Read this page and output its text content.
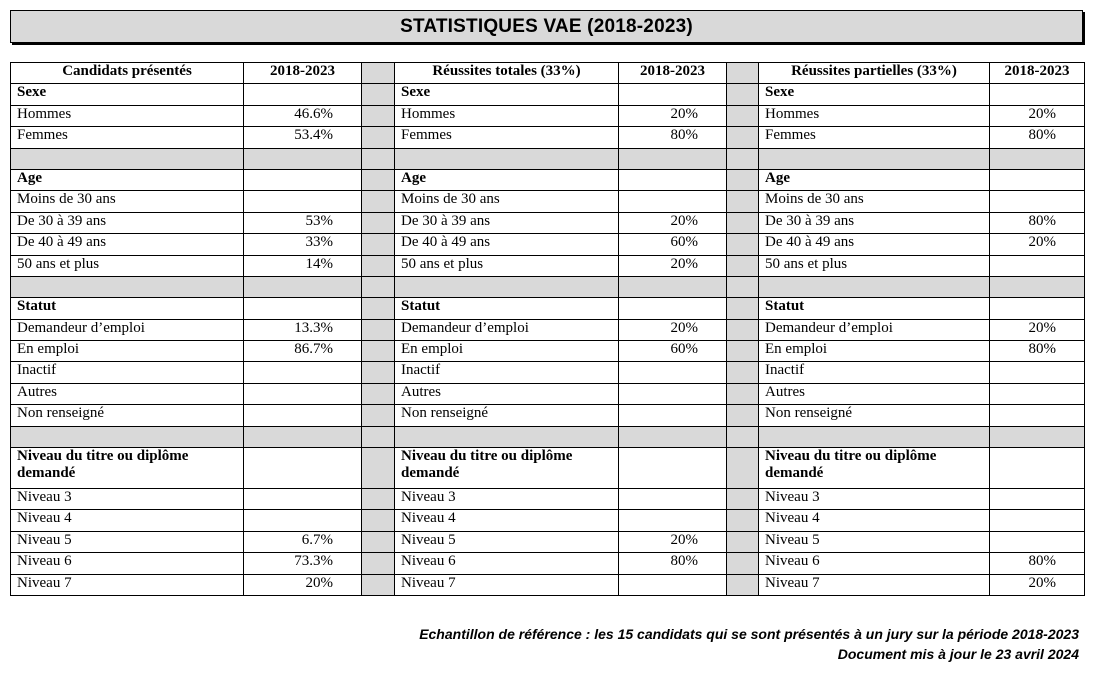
STATISTIQUES VAE (2018-2023)
Candidats présentés	2018-2023		Réussites totales (33%)	2018-2023		Réussites partielles (33%)	2018-2023
Sexe			Sexe			Sexe	
Hommes	46.6%		Hommes	20%		Hommes	20%
Femmes	53.4%		Femmes	80%		Femmes	80%

Age			Age			Age	
Moins de 30 ans			Moins de 30 ans			Moins de 30 ans	
De 30 à 39 ans	53%		De 30 à 39 ans	20%		De 30 à 39 ans	80%
De 40 à 49 ans	33%		De 40 à 49 ans	60%		De 40 à 49 ans	20%
50 ans et plus	14%		50 ans et plus	20%		50 ans et plus	

Statut			Statut			Statut	
Demandeur d’emploi	13.3%		Demandeur d’emploi	20%		Demandeur d’emploi	20%
En emploi	86.7%		En emploi	60%		En emploi	80%
Inactif			Inactif			Inactif	
Autres			Autres			Autres	
Non renseigné			Non renseigné			Non renseigné	

Niveau du titre ou diplôme demandé			Niveau du titre ou diplôme demandé			Niveau du titre ou diplôme demandé	
Niveau 3			Niveau 3			Niveau 3	
Niveau 4			Niveau 4			Niveau 4	
Niveau 5	6.7%		Niveau 5	20%		Niveau 5	
Niveau 6	73.3%		Niveau 6	80%		Niveau 6	80%
Niveau 7	20%		Niveau 7			Niveau 7	20%
Echantillon de référence : les 15 candidats qui se sont présentés à un jury sur la période 2018-2023
Document mis à jour le 23 avril 2024
